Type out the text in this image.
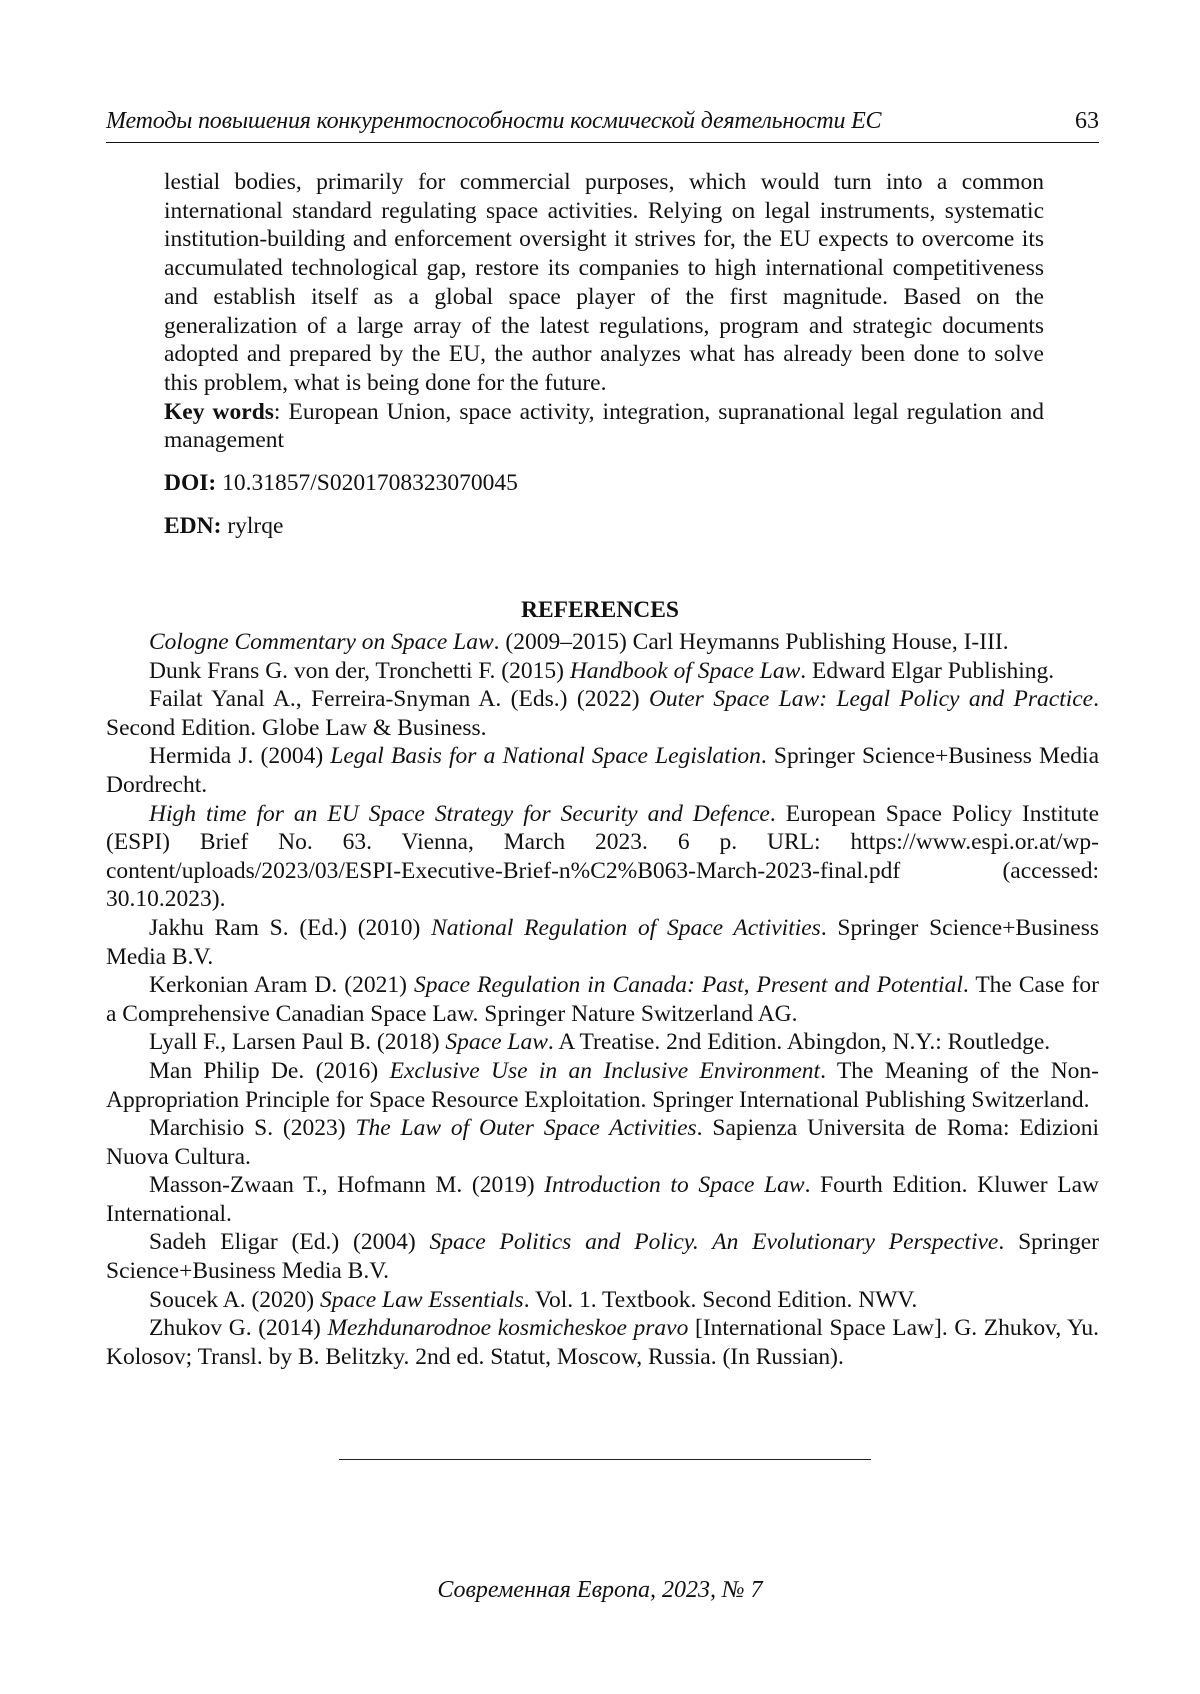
Методы повышения конкурентоспособности космической деятельности ЕС	63

lestial bodies, primarily for commercial purposes, which would turn into a common international standard regulating space activities. Relying on legal instruments, systematic institution-building and enforcement oversight it strives for, the EU expects to overcome its accumulated technological gap, restore its companies to high international competitiveness and establish itself as a global space player of the first magnitude. Based on the generalization of a large array of the latest regulations, program and strategic documents adopted and prepared by the EU, the author analyzes what has already been done to solve this problem, what is being done for the future.

Key words: European Union, space activity, integration, supranational legal regulation and management

DOI: 10.31857/S0201708323070045

EDN: rylrqe

REFERENCES

Cologne Commentary on Space Law. (2009–2015) Carl Heymanns Publishing House, I-III.

Dunk Frans G. von der, Tronchetti F. (2015) Handbook of Space Law. Edward Elgar Publishing.

Failat Yanal A., Ferreira-Snyman A. (Eds.) (2022) Outer Space Law: Legal Policy and Practice. Second Edition. Globe Law & Business.

Hermida J. (2004) Legal Basis for a National Space Legislation. Springer Science+Business Media Dordrecht.

High time for an EU Space Strategy for Security and Defence. European Space Policy Institute (ESPI) Brief No. 63. Vienna, March 2023. 6 p. URL: https://www.espi.or.at/wp-content/uploads/2023/03/ESPI-Executive-Brief-n%C2%B063-March-2023-final.pdf (accessed: 30.10.2023).

Jakhu Ram S. (Ed.) (2010) National Regulation of Space Activities. Springer Science+Business Media B.V.

Kerkonian Aram D. (2021) Space Regulation in Canada: Past, Present and Potential. The Case for a Comprehensive Canadian Space Law. Springer Nature Switzerland AG.

Lyall F., Larsen Paul B. (2018) Space Law. A Treatise. 2nd Edition. Abingdon, N.Y.: Routledge.

Man Philip De. (2016) Exclusive Use in an Inclusive Environment. The Meaning of the Non-Appropriation Principle for Space Resource Exploitation. Springer International Publishing Switzerland.

Marchisio S. (2023) The Law of Outer Space Activities. Sapienza Universita de Roma: Edizioni Nuova Cultura.

Masson-Zwaan T., Hofmann M. (2019) Introduction to Space Law. Fourth Edition. Kluwer Law International.

Sadeh Eligar (Ed.) (2004) Space Politics and Policy. An Evolutionary Perspective. Springer Science+Business Media B.V.

Soucek A. (2020) Space Law Essentials. Vol. 1. Textbook. Second Edition. NWV.

Zhukov G. (2014) Mezhdunarodnoe kosmicheskoe pravo [International Space Law]. G. Zhukov, Yu. Kolosov; Transl. by B. Belitzky. 2nd ed. Statut, Moscow, Russia. (In Russian).

Современная Европа, 2023, № 7
